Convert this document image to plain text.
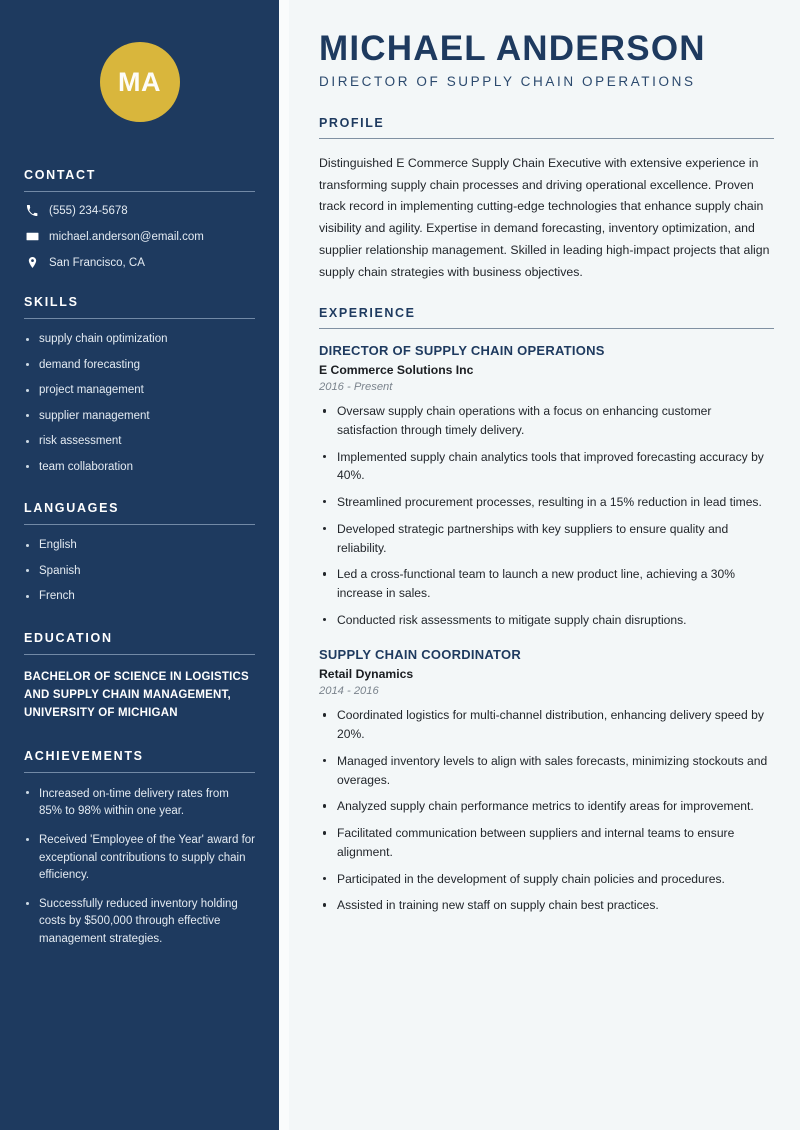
MA
CONTACT
(555) 234-5678
michael.anderson@email.com
San Francisco, CA
SKILLS
supply chain optimization
demand forecasting
project management
supplier management
risk assessment
team collaboration
LANGUAGES
English
Spanish
French
EDUCATION
BACHELOR OF SCIENCE IN LOGISTICS AND SUPPLY CHAIN MANAGEMENT, UNIVERSITY OF MICHIGAN
ACHIEVEMENTS
Increased on-time delivery rates from 85% to 98% within one year.
Received 'Employee of the Year' award for exceptional contributions to supply chain efficiency.
Successfully reduced inventory holding costs by $500,000 through effective management strategies.
MICHAEL ANDERSON
DIRECTOR OF SUPPLY CHAIN OPERATIONS
PROFILE

Distinguished E Commerce Supply Chain Executive with extensive experience in transforming supply chain processes and driving operational excellence. Proven track record in implementing cutting-edge technologies that enhance supply chain visibility and agility. Expertise in demand forecasting, inventory optimization, and supplier relationship management. Skilled in leading high-impact projects that align supply chain strategies with business objectives.

EXPERIENCE
DIRECTOR OF SUPPLY CHAIN OPERATIONS
E Commerce Solutions Inc
2016 - Present
Oversaw supply chain operations with a focus on enhancing customer satisfaction through timely delivery.
Implemented supply chain analytics tools that improved forecasting accuracy by 40%.
Streamlined procurement processes, resulting in a 15% reduction in lead times.
Developed strategic partnerships with key suppliers to ensure quality and reliability.
Led a cross-functional team to launch a new product line, achieving a 30% increase in sales.
Conducted risk assessments to mitigate supply chain disruptions.
SUPPLY CHAIN COORDINATOR
Retail Dynamics
2014 - 2016
Coordinated logistics for multi-channel distribution, enhancing delivery speed by 20%.
Managed inventory levels to align with sales forecasts, minimizing stockouts and overages.
Analyzed supply chain performance metrics to identify areas for improvement.
Facilitated communication between suppliers and internal teams to ensure alignment.
Participated in the development of supply chain policies and procedures.
Assisted in training new staff on supply chain best practices.
